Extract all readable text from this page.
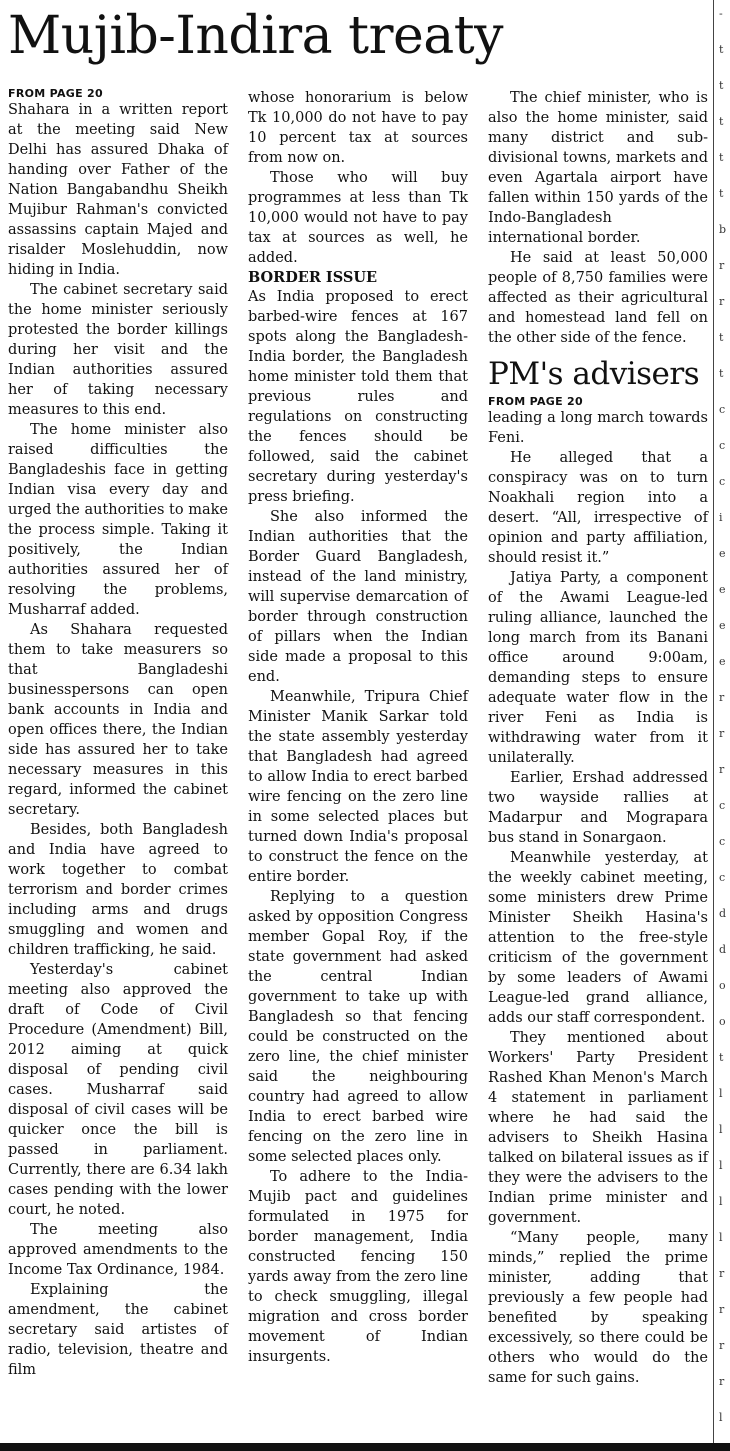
Mujib-Indira treaty
FROM PAGE 20

Shahara in a written report at the meeting said New Delhi has assured Dhaka of handing over Father of the Nation Bangabandhu Sheikh Mujibur Rahman's convicted assassins captain Majed and risalder Moslehuddin, now hiding in India.

The cabinet secretary said the home minister seriously protested the border killings during her visit and the Indian authorities assured her of taking necessary measures to this end.

The home minister also raised difficulties the Bangladeshis face in getting Indian visa every day and urged the authorities to make the process simple. Taking it positively, the Indian authorities assured her of resolving the problems, Musharraf added.

As Shahara requested them to take measurers so that Bangladeshi businesspersons can open bank accounts in India and open offices there, the Indian side has assured her to take necessary measures in this regard, informed the cabinet secretary.

Besides, both Bangladesh and India have agreed to work together to combat terrorism and border crimes including arms and drugs smuggling and women and children trafficking, he said.

Yesterday's cabinet meeting also approved the draft of Code of Civil Procedure (Amendment) Bill, 2012 aiming at quick disposal of pending civil cases. Musharraf said disposal of civil cases will be quicker once the bill is passed in parliament. Currently, there are 6.34 lakh cases pending with the lower court, he noted.

The meeting also approved amendments to the Income Tax Ordinance, 1984.

Explaining the amendment, the cabinet secretary said artistes of radio, television, theatre and film

whose honorarium is below Tk 10,000 do not have to pay 10 percent tax at sources from now on.

Those who will buy programmes at less than Tk 10,000 would not have to pay tax at sources as well, he added.

BORDER ISSUE

As India proposed to erect barbed-wire fences at 167 spots along the Bangladesh-India border, the Bangladesh home minister told them that previous rules and regulations on constructing the fences should be followed, said the cabinet secretary during yesterday's press briefing.

She also informed the Indian authorities that the Border Guard Bangladesh, instead of the land ministry, will supervise demarcation of border through construction of pillars when the Indian side made a proposal to this end.

Meanwhile, Tripura Chief Minister Manik Sarkar told the state assembly yesterday that Bangladesh had agreed to allow India to erect barbed wire fencing on the zero line in some selected places but turned down India's proposal to construct the fence on the entire border.

Replying to a question asked by opposition Congress member Gopal Roy, if the state government had asked the central Indian government to take up with Bangladesh so that fencing could be constructed on the zero line, the chief minister said the neighbouring country had agreed to allow India to erect barbed wire fencing on the zero line in some selected places only.

To adhere to the India-Mujib pact and guidelines formulated in 1975 for border management, India constructed fencing 150 yards away from the zero line to check smuggling, illegal migration and cross border movement of Indian insurgents.

The chief minister, who is also the home minister, said many district and sub-divisional towns, markets and even Agartala airport have fallen within 150 yards of the Indo-Bangladesh international border.

He said at least 50,000 people of 8,750 families were affected as their agricultural and homestead land fell on the other side of the fence.

PM's advisers
FROM PAGE 20

leading a long march towards Feni.

He alleged that a conspiracy was on to turn Noakhali region into a desert. “All, irrespective of opinion and party affiliation, should resist it.”

Jatiya Party, a component of the Awami League-led ruling alliance, launched the long march from its Banani office around 9:00am, demanding steps to ensure adequate water flow in the river Feni as India is withdrawing water from it unilaterally.

Earlier, Ershad addressed two wayside rallies at Madarpur and Mograpara bus stand in Sonargaon.

Meanwhile yesterday, at the weekly cabinet meeting, some ministers drew Prime Minister Sheikh Hasina's attention to the free-style criticism of the government by some leaders of Awami League-led grand alliance, adds our staff correspondent.

They mentioned about Workers' Party President Rashed Khan Menon's March 4 statement in parliament where he had said the advisers to Sheikh Hasina talked on bilateral issues as if they were the advisers to the Indian prime minister and government.

“Many people, many minds,” replied the prime minister, adding that previously a few people had benefited by speaking excessively, so there could be others who would do the same for such gains.

-
t
t
t
t
t
b
r
r
t
t
c
c
c
i
e
e
e
e
r
r
r
c
c
c
d
d
o
o
t
l
l
l
l
l
r
r
r
r
l
